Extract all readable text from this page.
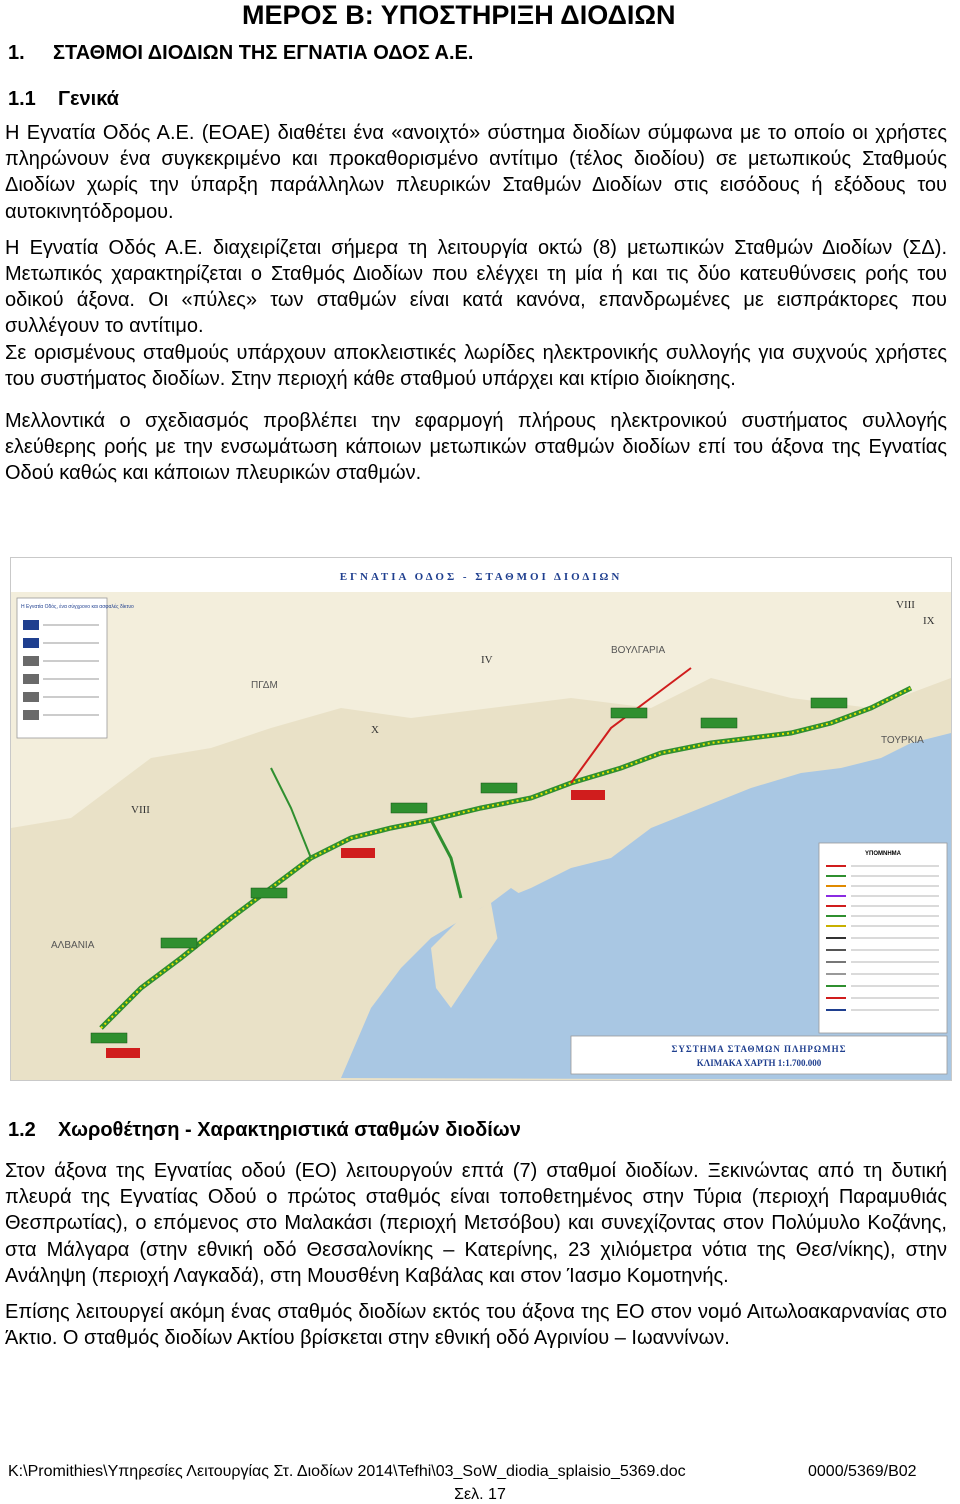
ΜΕΡΟΣ Β: ΥΠΟΣΤΗΡΙΞΗ ΔΙΟΔΙΩΝ
1. ΣΤΑΘΜΟΙ ΔΙΟΔΙΩΝ ΤΗΣ ΕΓΝΑΤΙΑ ΟΔΟΣ Α.Ε.
1.1 Γενικά
Η Εγνατία Οδός Α.Ε. (ΕΟΑΕ) διαθέτει ένα «ανοιχτό» σύστημα διοδίων σύμφωνα με το οποίο οι χρήστες πληρώνουν ένα συγκεκριμένο και προκαθορισμένο αντίτιμο (τέλος διοδίου) σε μετωπικούς Σταθμούς Διοδίων χωρίς την ύπαρξη παράλληλων πλευρικών Σταθμών Διοδίων στις εισόδους ή εξόδους του αυτοκινητόδρομου.
Η Εγνατία Οδός Α.Ε. διαχειρίζεται σήμερα τη λειτουργία οκτώ (8) μετωπικών Σταθμών Διοδίων (ΣΔ). Μετωπικός χαρακτηρίζεται ο Σταθμός Διοδίων που ελέγχει τη μία ή και τις δύο κατευθύνσεις ροής του οδικού άξονα. Οι «πύλες» των σταθμών είναι κατά κανόνα, επανδρωμένες με εισπράκτορες που συλλέγουν το αντίτιμο.
Σε ορισμένους σταθμούς υπάρχουν αποκλειστικές λωρίδες ηλεκτρονικής συλλογής για συχνούς χρήστες του συστήματος διοδίων. Στην περιοχή κάθε σταθμού υπάρχει και κτίριο διοίκησης.
Μελλοντικά ο σχεδιασμός προβλέπει την εφαρμογή πλήρους ηλεκτρονικού συστήματος συλλογής ελεύθερης ροής με την ενσωμάτωση κάποιων μετωπικών σταθμών διοδίων επί του άξονα της Εγνατίας Οδού καθώς και κάποιων πλευρικών σταθμών.
ΕΓΝΑΤΙΑ ΟΔΟΣ - ΣΤΑΘΜΟΙ ΔΙΟΔΙΩΝ
ΒΟΥΛΓΑΡΙΑ
ΤΟΥΡΚΙΑ
ΑΛΒΑΝΙΑ
ΠΓΔΜ
IV
VIII
X
VIII
IX
Η Εγνατία Οδός, ένα σύγχρονο και ασφαλές δίκτυο
ΥΠΟΜΝΗΜΑ
ΣΥΣΤΗΜΑ ΣΤΑΘΜΩΝ ΠΛΗΡΩΜΗΣ
ΚΛΙΜΑΚΑ ΧΑΡΤΗ 1:1.700.000
1.2 Χωροθέτηση - Χαρακτηριστικά σταθμών διοδίων
Στον άξονα της Εγνατίας οδού (ΕΟ) λειτουργούν επτά (7) σταθμοί διοδίων. Ξεκινώντας από τη δυτική πλευρά της Εγνατίας Οδού ο πρώτος σταθμός είναι τοποθετημένος στην Τύρια (περιοχή Παραμυθιάς Θεσπρωτίας), ο επόμενος στο Μαλακάσι (περιοχή Μετσόβου) και συνεχίζοντας στον Πολύμυλο Κοζάνης, στα Μάλγαρα (στην εθνική οδό Θεσσαλονίκης – Κατερίνης, 23 χιλιόμετρα νότια της Θεσ/νίκης), στην Ανάληψη (περιοχή Λαγκαδά), στη Μουσθένη Καβάλας και στον Ίασμο Κομοτηνής.
Επίσης λειτουργεί ακόμη ένας σταθμός διοδίων εκτός του άξονα της ΕΟ στον νομό Αιτωλοακαρνανίας στο Άκτιο. Ο σταθμός διοδίων Ακτίου βρίσκεται στην εθνική οδό Αγρινίου – Ιωαννίνων.
K:\Promithies\Υπηρεσίες Λειτουργίας Στ. Διοδίων 2014\Tefhi\03_SoW_diodia_splaisio_5369.doc	0000/5369/Β02
Σελ. 17
